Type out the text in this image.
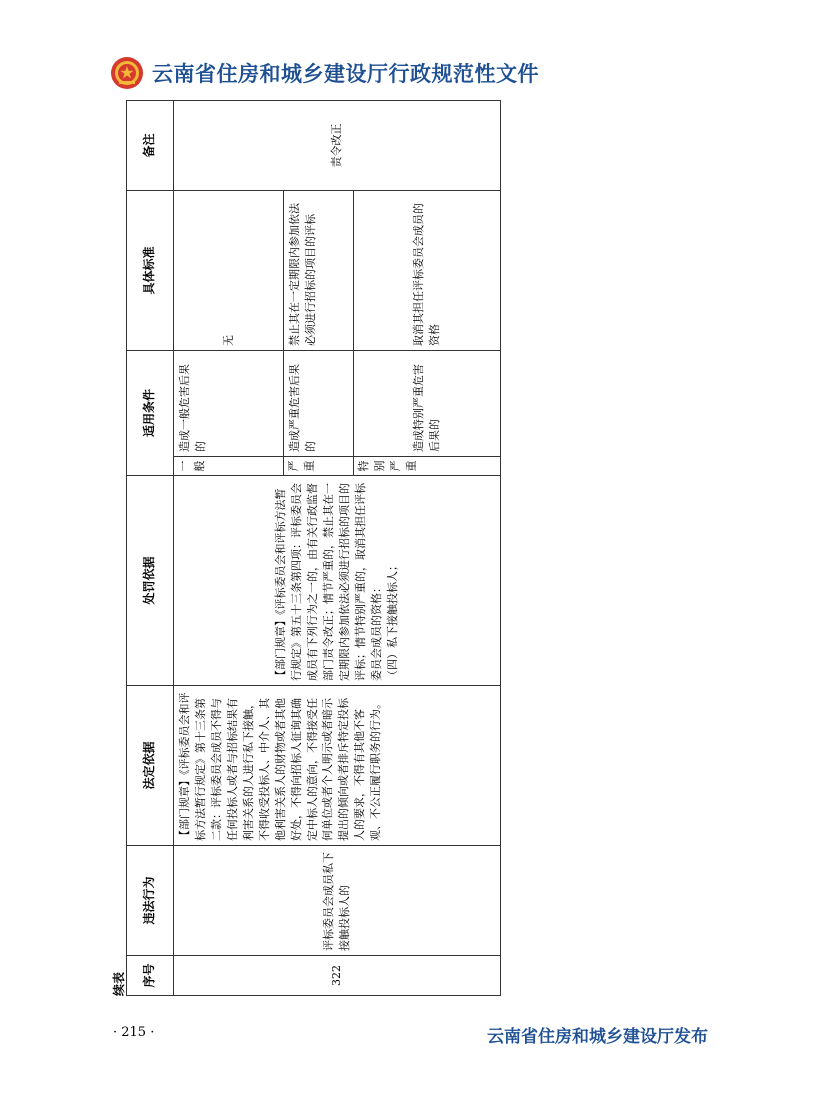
云南省住房和城乡建设厅行政规范性文件
续表 序号	违法行为	法定依据	处罚依据	适用条件		具体标准	备注
322	评标委员会成员私下接触投标人的	【部门规章】《评标委员会和评标方法暂行规定》第十三条第二款：评标委员会成员不得与任何投标人或者与招标结果有利害关系的人进行私下接触，不得收受投标人、中介人、其他利害关系人的财物或者其他好处，不得向招标人征询其确定中标人的意向，不得接受任何单位或者个人明示或者暗示提出的倾向或者排斥特定投标人的要求，不得有其他不客观、不公正履行职务的行为。	【部门规章】《评标委员会和评标方法暂行规定》第五十三条第四项：评标委员会成员有下列行为之一的，由有关行政监督部门责令改正；情节严重的，禁止其在一定期限内参加依法必须进行招标的项目的评标；情节特别严重的，取消其担任评标委员会成员的资格： （四）私下接触投标人；	一般	造成一般危害后果的	无	责令改正
				严重	造成严重危害后果的	禁止其在一定期限内参加依法必须进行招标的项目的评标	
				特别严重	造成特别严重危害后果的	取消其担任评标委员会成员的资格	
· 215 ·	云南省住房和城乡建设厅发布
